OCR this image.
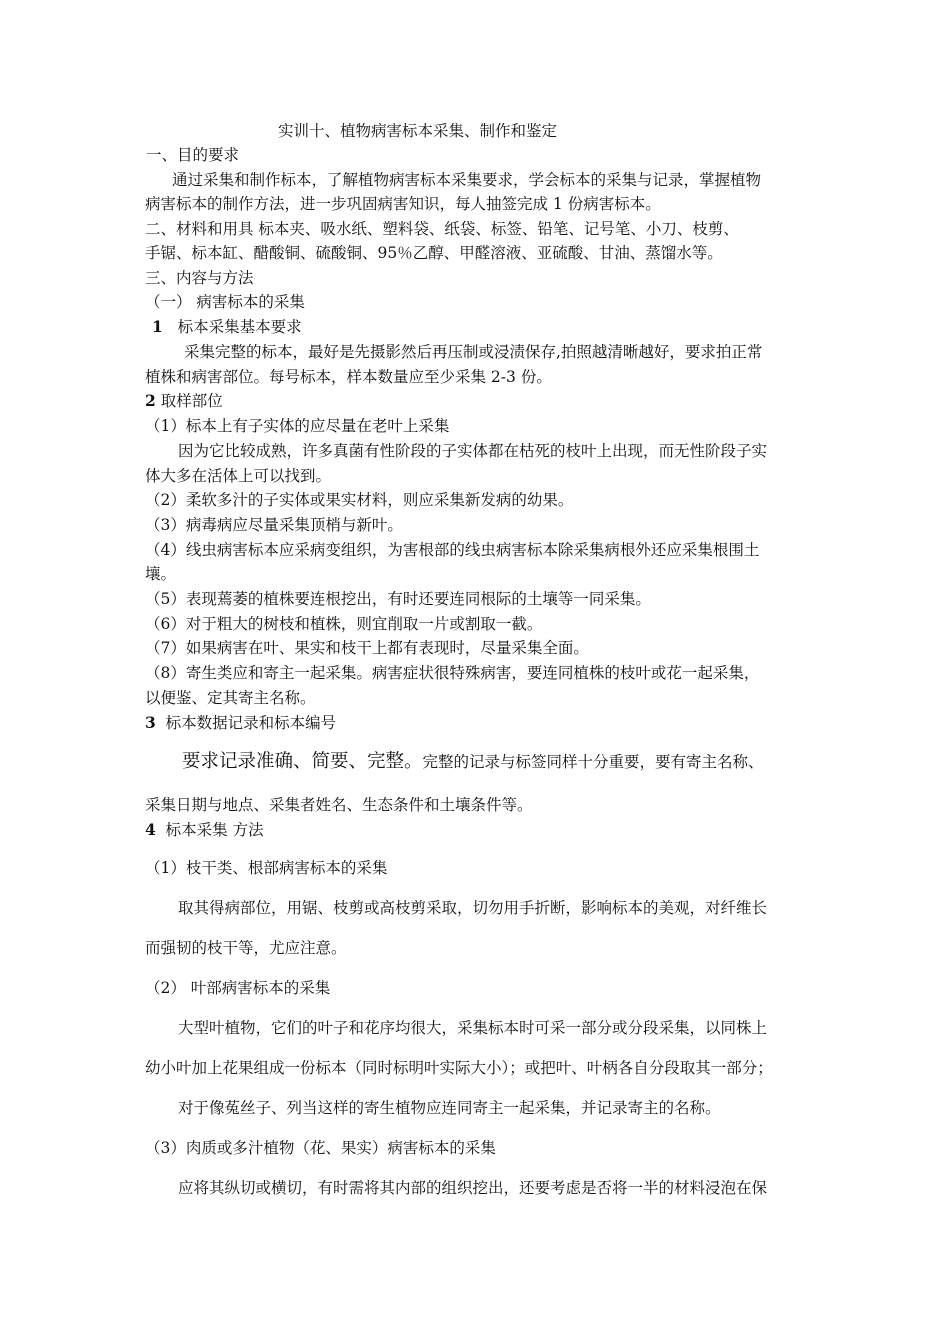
实训十、植物病害标本采集、制作和鉴定
一、目的要求
通过采集和制作标本，了解植物病害标本采集要求，学会标本的采集与记录，掌握植物
病害标本的制作方法，进一步巩固病害知识，每人抽签完成 1 份病害标本。
二、材料和用具 标本夹、吸水纸、塑料袋、纸袋、标签、铅笔、记号笔、小刀、枝剪、
手锯、标本缸、醋酸铜、硫酸铜、95％乙醇、甲醛溶液、亚硫酸、甘油、蒸馏水等。
三、内容与方法
（一） 病害标本的采集
1 标本采集基本要求
采集完整的标本，最好是先摄影然后再压制或浸渍保存,拍照越清晰越好，要求拍正常
植株和病害部位。每号标本，样本数量应至少采集 2-3 份。
2 取样部位
（1）标本上有子实体的应尽量在老叶上采集
因为它比较成熟，许多真菌有性阶段的子实体都在枯死的枝叶上出现，而无性阶段子实
体大多在活体上可以找到。
（2）柔软多汁的子实体或果实材料，则应采集新发病的幼果。
（3）病毒病应尽量采集顶梢与新叶。
（4）线虫病害标本应采病变组织，为害根部的线虫病害标本除采集病根外还应采集根围土
壤。
（5）表现蔫萎的植株要连根挖出，有时还要连同根际的土壤等一同采集。
（6）对于粗大的树枝和植株，则宜削取一片或割取一截。
（7）如果病害在叶、果实和枝干上都有表现时，尽量采集全面。
（8）寄生类应和寄主一起采集。病害症状很特殊病害，要连同植株的枝叶或花一起采集，
以便鉴、定其寄主名称。
3 标本数据记录和标本编号
要求记录准确、简要、完整。完整的记录与标签同样十分重要，要有寄主名称、
采集日期与地点、采集者姓名、生态条件和土壤条件等。
4 标本采集 方法
（1）枝干类、根部病害标本的采集
取其得病部位，用锯、枝剪或高枝剪采取，切勿用手折断，影响标本的美观，对纤维长
而强韧的枝干等，尤应注意。
（2） 叶部病害标本的采集
大型叶植物，它们的叶子和花序均很大，采集标本时可采一部分或分段采集，以同株上
幼小叶加上花果组成一份标本（同时标明叶实际大小）；或把叶、叶柄各自分段取其一部分；
对于像菟丝子、列当这样的寄生植物应连同寄主一起采集，并记录寄主的名称。
（3）肉质或多汁植物（花、果实）病害标本的采集
应将其纵切或横切，有时需将其内部的组织挖出，还要考虑是否将一半的材料浸泡在保
